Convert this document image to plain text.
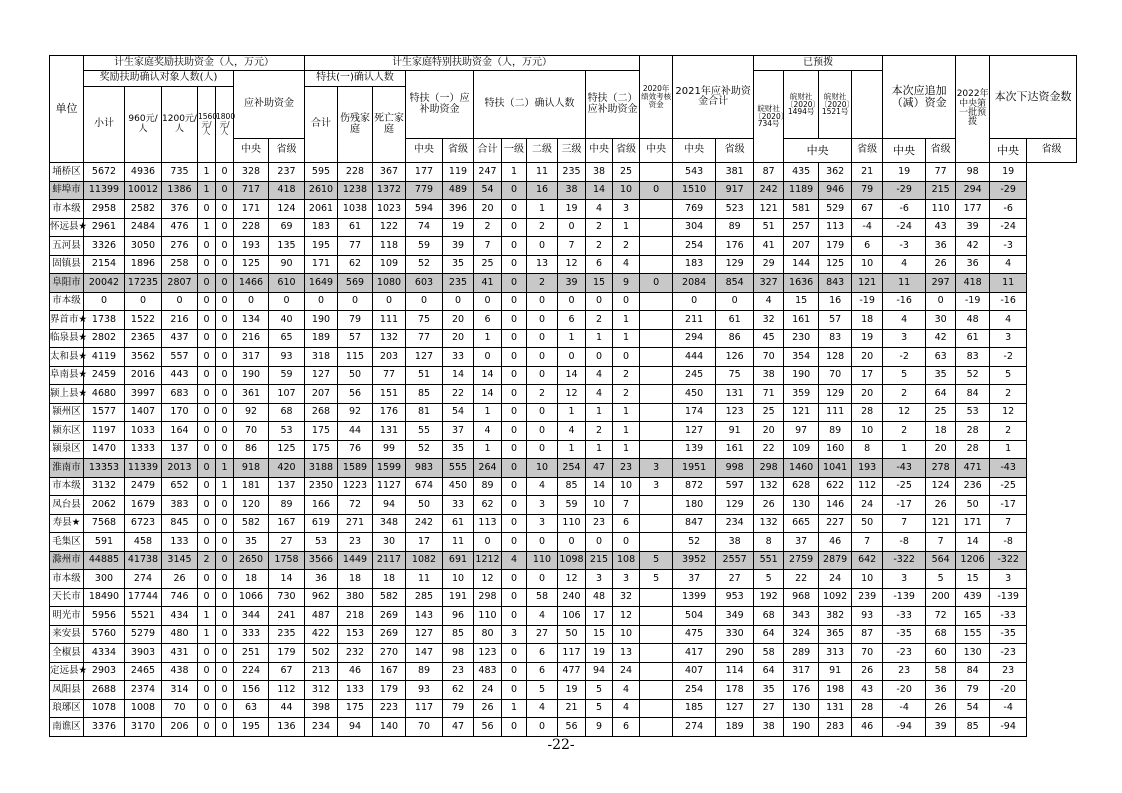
单位	计生家庭奖励扶助资金（人，万元）							计生家庭特别扶助资金（人，万元）											2020年绩效考核资金	2021年应补助资金合计		已预拨				本次应追加（减）资金		2022年中央第一批预拨	本次下达资金数	
	奖励扶助确认对象人数(人)					应补助资金		特扶(一)确认人数			特扶（一）应补助资金		特扶（二）确认人数				特扶（二）应补助资金					皖财社〔2020〕734号	皖财社〔2020〕1494号	皖财社〔2020〕1521号						
	小计	960元/人	1200元/人	1560元/人	1800元/人			合计	伤残家庭	死亡家庭																				
						中央	省级				中央	省级	合计	一级	二级	三级	中央	省级	中央	中央	省级		中央		省级	中央	省级		中央	省级
埇桥区	5672	4936	735	1	0	328	237	595	228	367	177	119	247	1	11	235	38	25		543	381	87	435	362	21	19	77	98	19	
蚌埠市	11399	10012	1386	1	0	717	418	2610	1238	1372	779	489	54	0	16	38	14	10	0	1510	917	242	1189	946	79	-29	215	294	-29	
市本级	2958	2582	376	0	0	171	124	2061	1038	1023	594	396	20	0	1	19	4	3		769	523	121	581	529	67	-6	110	177	-6	
怀远县★	2961	2484	476	1	0	228	69	183	61	122	74	19	2	0	2	0	2	1		304	89	51	257	113	-4	-24	43	39	-24	
五河县	3326	3050	276	0	0	193	135	195	77	118	59	39	7	0	0	7	2	2		254	176	41	207	179	6	-3	36	42	-3	
固镇县	2154	1896	258	0	0	125	90	171	62	109	52	35	25	0	13	12	6	4		183	129	29	144	125	10	4	26	36	4	
阜阳市	20042	17235	2807	0	0	1466	610	1649	569	1080	603	235	41	0	2	39	15	9	0	2084	854	327	1636	843	121	11	297	418	11	
市本级	0	0	0	0	0	0	0	0	0	0	0	0	0	0	0	0	0	0		0	0	4	15	16	-19	-16	0	-19	-16	
界首市★	1738	1522	216	0	0	134	40	190	79	111	75	20	6	0	0	6	2	1		211	61	32	161	57	18	4	30	48	4	
临泉县★	2802	2365	437	0	0	216	65	189	57	132	77	20	1	0	0	1	1	1		294	86	45	230	83	19	3	42	61	3	
太和县★	4119	3562	557	0	0	317	93	318	115	203	127	33	0	0	0	0	0	0		444	126	70	354	128	20	-2	63	83	-2	
阜南县★	2459	2016	443	0	0	190	59	127	50	77	51	14	14	0	0	14	4	2		245	75	38	190	70	17	5	35	52	5	
颍上县★	4680	3997	683	0	0	361	107	207	56	151	85	22	14	0	2	12	4	2		450	131	71	359	129	20	2	64	84	2	
颍州区	1577	1407	170	0	0	92	68	268	92	176	81	54	1	0	0	1	1	1		174	123	25	121	111	28	12	25	53	12	
颍东区	1197	1033	164	0	0	70	53	175	44	131	55	37	4	0	0	4	2	1		127	91	20	97	89	10	2	18	28	2	
颍泉区	1470	1333	137	0	0	86	125	175	76	99	52	35	1	0	0	1	1	1		139	161	22	109	160	8	1	20	28	1	
淮南市	13353	11339	2013	0	1	918	420	3188	1589	1599	983	555	264	0	10	254	47	23	3	1951	998	298	1460	1041	193	-43	278	471	-43	
市本级	3132	2479	652	0	1	181	137	2350	1223	1127	674	450	89	0	4	85	14	10	3	872	597	132	628	622	112	-25	124	236	-25	
凤台县	2062	1679	383	0	0	120	89	166	72	94	50	33	62	0	3	59	10	7		180	129	26	130	146	24	-17	26	50	-17	
寿县★	7568	6723	845	0	0	582	167	619	271	348	242	61	113	0	3	110	23	6		847	234	132	665	227	50	7	121	171	7	
毛集区	591	458	133	0	0	35	27	53	23	30	17	11	0	0	0	0	0	0		52	38	8	37	46	7	-8	7	14	-8	
滁州市	44885	41738	3145	2	0	2650	1758	3566	1449	2117	1082	691	1212	4	110	1098	215	108	5	3952	2557	551	2759	2879	642	-322	564	1206	-322	
市本级	300	274	26	0	0	18	14	36	18	18	11	10	12	0	0	12	3	3	5	37	27	5	22	24	10	3	5	15	3	
天长市	18490	17744	746	0	0	1066	730	962	380	582	285	191	298	0	58	240	48	32		1399	953	192	968	1092	239	-139	200	439	-139	
明光市	5956	5521	434	1	0	344	241	487	218	269	143	96	110	0	4	106	17	12		504	349	68	343	382	93	-33	72	165	-33	
来安县	5760	5279	480	1	0	333	235	422	153	269	127	85	80	3	27	50	15	10		475	330	64	324	365	87	-35	68	155	-35	
全椒县	4334	3903	431	0	0	251	179	502	232	270	147	98	123	0	6	117	19	13		417	290	58	289	313	70	-23	60	130	-23	
定远县★	2903	2465	438	0	0	224	67	213	46	167	89	23	483	0	6	477	94	24		407	114	64	317	91	26	23	58	84	23	
凤阳县	2688	2374	314	0	0	156	112	312	133	179	93	62	24	0	5	19	5	4		254	178	35	176	198	43	-20	36	79	-20	
琅琊区	1078	1008	70	0	0	63	44	398	175	223	117	79	26	1	4	21	5	4		185	127	27	130	131	28	-4	26	54	-4	
南谯区	3376	3170	206	0	0	195	136	234	94	140	70	47	56	0	0	56	9	6		274	189	38	190	283	46	-94	39	85	-94	
-22-
